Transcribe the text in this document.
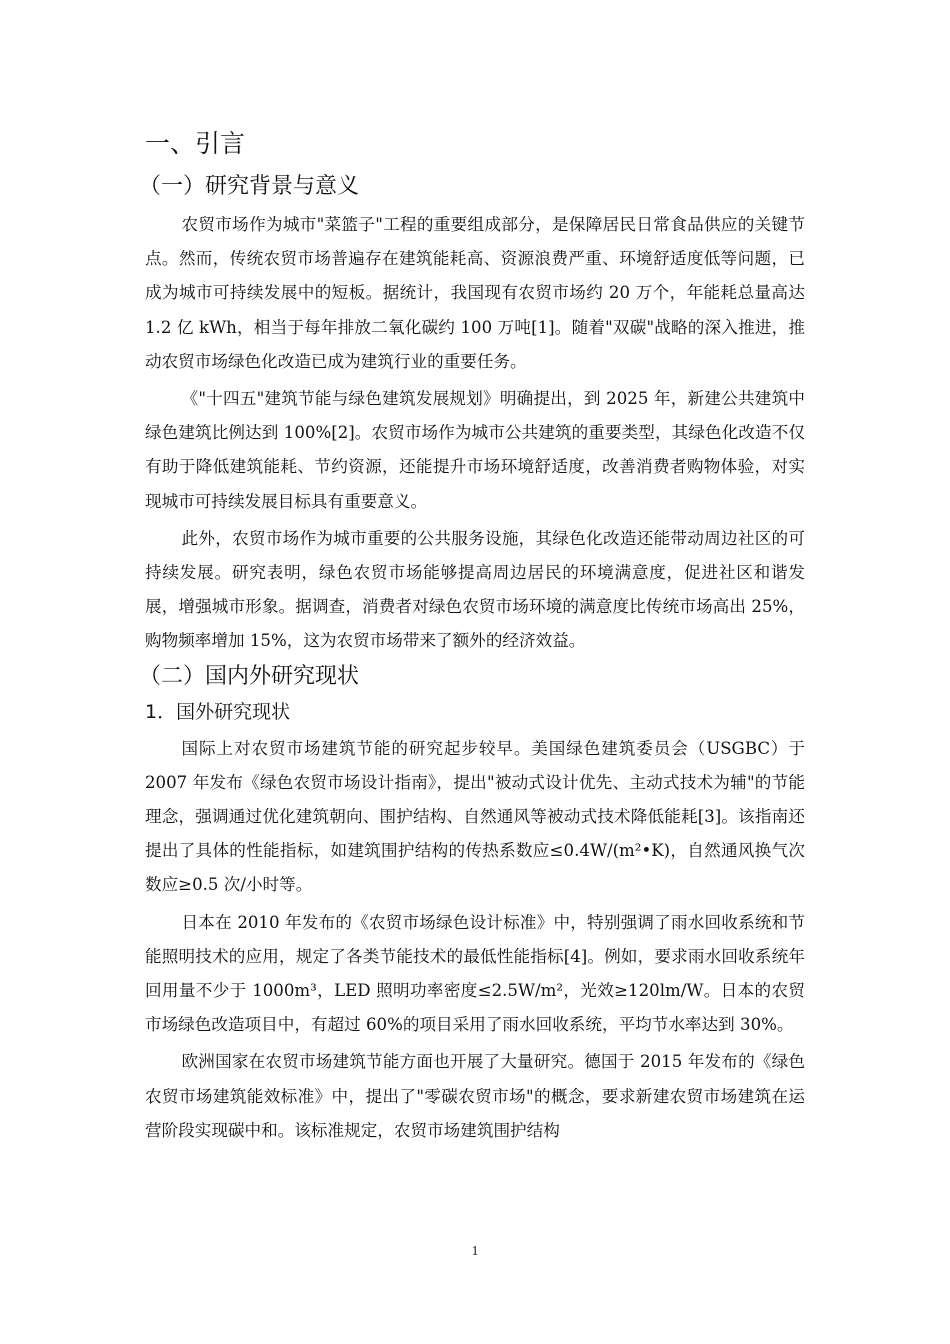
一、引言
（一）研究背景与意义

农贸市场作为城市"菜篮子"工程的重要组成部分，是保障居民日常食品供应的关键节点。然而，传统农贸市场普遍存在建筑能耗高、资源浪费严重、环境舒适度低等问题，已成为城市可持续发展中的短板。据统计，我国现有农贸市场约 20 万个，年能耗总量高达 1.2 亿 kWh，相当于每年排放二氧化碳约 100 万吨[1]。随着"双碳"战略的深入推进，推动农贸市场绿色化改造已成为建筑行业的重要任务。

《"十四五"建筑节能与绿色建筑发展规划》明确提出，到 2025 年，新建公共建筑中绿色建筑比例达到 100%[2]。农贸市场作为城市公共建筑的重要类型，其绿色化改造不仅有助于降低建筑能耗、节约资源，还能提升市场环境舒适度，改善消费者购物体验，对实现城市可持续发展目标具有重要意义。

此外，农贸市场作为城市重要的公共服务设施，其绿色化改造还能带动周边社区的可持续发展。研究表明，绿色农贸市场能够提高周边居民的环境满意度，促进社区和谐发展，增强城市形象。据调查，消费者对绿色农贸市场环境的满意度比传统市场高出 25%，购物频率增加 15%，这为农贸市场带来了额外的经济效益。

（二）国内外研究现状
1．国外研究现状

国际上对农贸市场建筑节能的研究起步较早。美国绿色建筑委员会（USGBC）于 2007 年发布《绿色农贸市场设计指南》，提出"被动式设计优先、主动式技术为辅"的节能理念，强调通过优化建筑朝向、围护结构、自然通风等被动式技术降低能耗[3]。该指南还提出了具体的性能指标，如建筑围护结构的传热系数应≤0.4W/(m²•K)，自然通风换气次数应≥0.5 次/小时等。

日本在 2010 年发布的《农贸市场绿色设计标准》中，特别强调了雨水回收系统和节能照明技术的应用，规定了各类节能技术的最低性能指标[4]。例如，要求雨水回收系统年回用量不少于 1000m³，LED 照明功率密度≤2.5W/m²，光效≥120lm/W。日本的农贸市场绿色改造项目中，有超过 60%的项目采用了雨水回收系统，平均节水率达到 30%。

欧洲国家在农贸市场建筑节能方面也开展了大量研究。德国于 2015 年发布的《绿色农贸市场建筑能效标准》中，提出了"零碳农贸市场"的概念，要求新建农贸市场建筑在运营阶段实现碳中和。该标准规定，农贸市场建筑围护结构

1
